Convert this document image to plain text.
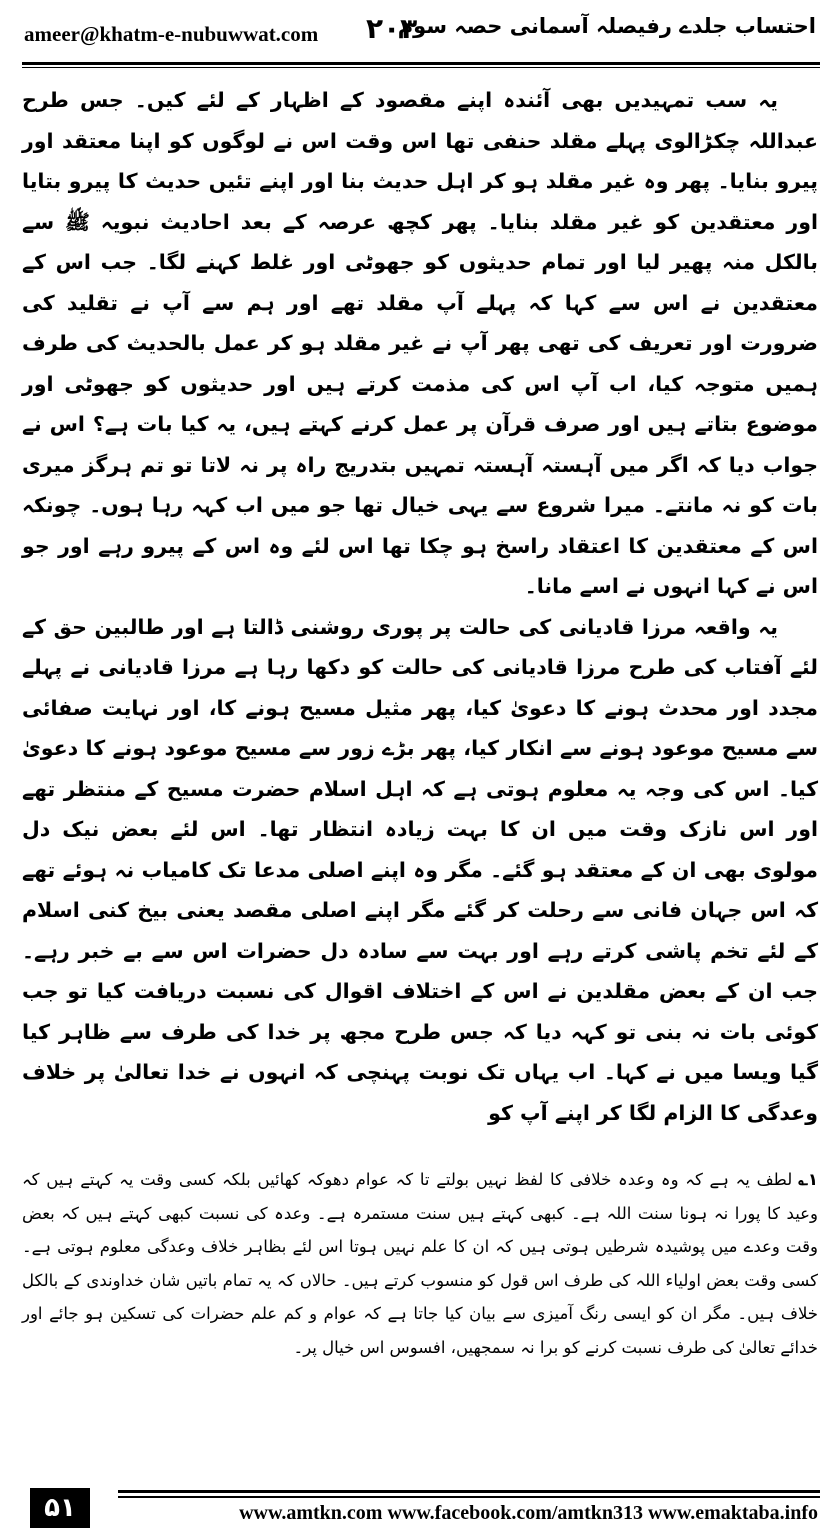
ameer@khatm-e-nubuwwat.com ۲۰۳
احتساب جلدے رفیصلہ آسمانی حصہ سوم

یہ سب تمہیدیں بھی آئندہ اپنے مقصود کے اظہار کے لئے کیں۔ جس طرح عبداللہ چکڑالوی پہلے مقلد حنفی تھا اس وقت اس نے لوگوں کو اپنا معتقد اور پیرو بنایا۔ پھر وہ غیر مقلد ہو کر اہل حدیث بنا اور اپنے تئیں حدیث کا پیرو بتایا اور معتقدین کو غیر مقلد بنایا۔ پھر کچھ عرصہ کے بعد احادیث نبویہ ﷺ سے بالکل منہ پھیر لیا اور تمام حدیثوں کو جھوٹی اور غلط کہنے لگا۔ جب اس کے معتقدین نے اس سے کہا کہ پہلے آپ مقلد تھے اور ہم سے آپ نے تقلید کی ضرورت اور تعریف کی تھی پھر آپ نے غیر مقلد ہو کر عمل بالحدیث کی طرف ہمیں متوجہ کیا، اب آپ اس کی مذمت کرتے ہیں اور حدیثوں کو جھوٹی اور موضوع بتاتے ہیں اور صرف قرآن پر عمل کرنے کہتے ہیں، یہ کیا بات ہے؟ اس نے جواب دیا کہ اگر میں آہستہ آہستہ تمہیں بتدریج راہ پر نہ لاتا تو تم ہرگز میری بات کو نہ مانتے۔ میرا شروع سے یہی خیال تھا جو میں اب کہہ رہا ہوں۔ چونکہ اس کے معتقدین کا اعتقاد راسخ ہو چکا تھا اس لئے وہ اس کے پیرو رہے اور جو اس نے کہا انہوں نے اسے مانا۔

یہ واقعہ مرزا قادیانی کی حالت پر پوری روشنی ڈالتا ہے اور طالبین حق کے لئے آفتاب کی طرح مرزا قادیانی کی حالت کو دکھا رہا ہے مرزا قادیانی نے پہلے مجدد اور محدث ہونے کا دعویٰ کیا، پھر مثیل مسیح ہونے کا، اور نہایت صفائی سے مسیح موعود ہونے سے انکار کیا، پھر بڑے زور سے مسیح موعود ہونے کا دعویٰ کیا۔ اس کی وجہ یہ معلوم ہوتی ہے کہ اہل اسلام حضرت مسیح کے منتظر تھے اور اس نازک وقت میں ان کا بہت زیادہ انتظار تھا۔ اس لئے بعض نیک دل مولوی بھی ان کے معتقد ہو گئے۔ مگر وہ اپنے اصلی مدعا تک کامیاب نہ ہوئے تھے کہ اس جہان فانی سے رحلت کر گئے مگر اپنے اصلی مقصد یعنی بیخ کنی اسلام کے لئے تخم پاشی کرتے رہے اور بہت سے سادہ دل حضرات اس سے بے خبر رہے۔ جب ان کے بعض مقلدین نے اس کے اختلاف اقوال کی نسبت دریافت کیا تو جب کوئی بات نہ بنی تو کہہ دیا کہ جس طرح مجھ پر خدا کی طرف سے ظاہر کیا گیا ویسا میں نے کہا۔ اب یہاں تک نوبت پہنچی کہ انہوں نے خدا تعالیٰ پر خلاف وعدگی کا الزام لگا کر اپنے آپ کو

۱؎لطف یہ ہے کہ وہ وعدہ خلافی کا لفظ نہیں بولتے تا کہ عوام دھوکہ کھائیں بلکہ کسی وقت یہ کہتے ہیں کہ وعید کا پورا نہ ہونا سنت اللہ ہے۔ کبھی کہتے ہیں سنت مستمرہ ہے۔ وعدہ کی نسبت کبھی کہتے ہیں کہ بعض وقت وعدے میں پوشیدہ شرطیں ہوتی ہیں کہ ان کا علم نہیں ہوتا اس لئے بظاہر خلاف وعدگی معلوم ہوتی ہے۔ کسی وقت بعض اولیاء اللہ کی طرف اس قول کو منسوب کرتے ہیں۔ حالاں کہ یہ تمام باتیں شان خداوندی کے بالکل خلاف ہیں۔ مگر ان کو ایسی رنگ آمیزی سے بیان کیا جاتا ہے کہ عوام و کم علم حضرات کی تسکین ہو جائے اور خدائے تعالیٰ کی طرف نسبت کرنے کو برا نہ سمجھیں، افسوس اس خیال پر۔

۵۱	www.amtkn.com www.facebook.com/amtkn313 www.emaktaba.info
